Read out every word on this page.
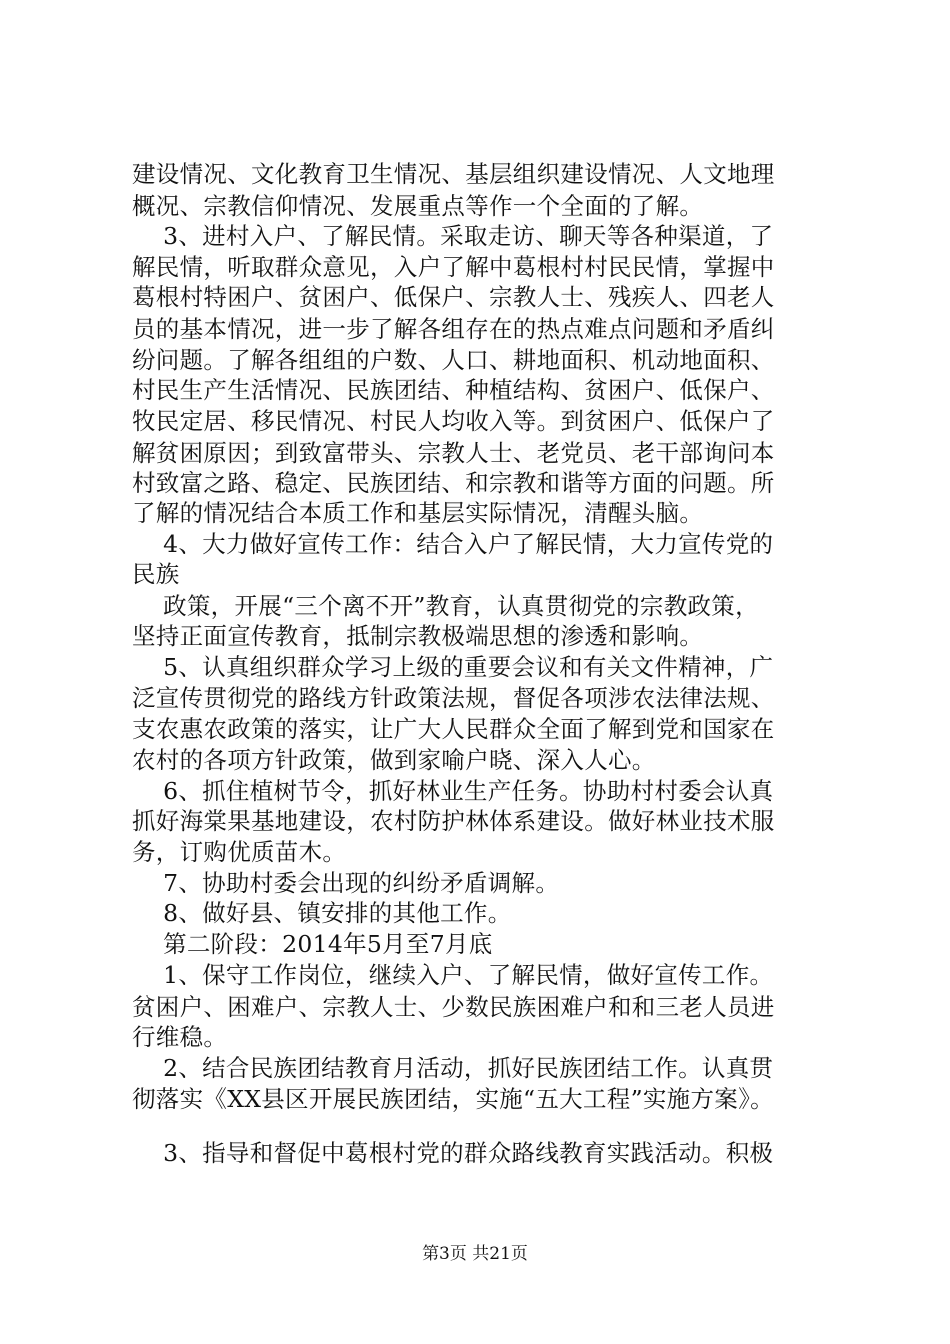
建设情况、文化教育卫生情况、基层组织建设情况、人文地理
概况、宗教信仰情况、发展重点等作一个全面的了解。
3、进村入户、了解民情。采取走访、聊天等各种渠道，了
解民情，听取群众意见，入户了解中葛根村村民民情，掌握中
葛根村特困户、贫困户、低保户、宗教人士、残疾人、四老人
员的基本情况，进一步了解各组存在的热点难点问题和矛盾纠
纷问题。了解各组组的户数、人口、耕地面积、机动地面积、
村民生产生活情况、民族团结、种植结构、贫困户、低保户、
牧民定居、移民情况、村民人均收入等。到贫困户、低保户了
解贫困原因；到致富带头、宗教人士、老党员、老干部询问本
村致富之路、稳定、民族团结、和宗教和谐等方面的问题。所
了解的情况结合本质工作和基层实际情况，清醒头脑。
4、大力做好宣传工作：结合入户了解民情，大力宣传党的
民族
政策，开展“三个离不开”教育，认真贯彻党的宗教政策，
坚持正面宣传教育，抵制宗教极端思想的渗透和影响。
5、认真组织群众学习上级的重要会议和有关文件精神，广
泛宣传贯彻党的路线方针政策法规，督促各项涉农法律法规、
支农惠农政策的落实，让广大人民群众全面了解到党和国家在
农村的各项方针政策，做到家喻户晓、深入人心。
6、抓住植树节令，抓好林业生产任务。协助村村委会认真
抓好海棠果基地建设，农村防护林体系建设。做好林业技术服
务，订购优质苗木。
7、协助村委会出现的纠纷矛盾调解。
8、做好县、镇安排的其他工作。
第二阶段：2014年5月至7月底
1、保守工作岗位，继续入户、了解民情，做好宣传工作。
贫困户、困难户、宗教人士、少数民族困难户和和三老人员进
行维稳。
2、结合民族团结教育月活动，抓好民族团结工作。认真贯
彻落实《XX县区开展民族团结，实施“五大工程”实施方案》。
3、指导和督促中葛根村党的群众路线教育实践活动。积极
第3页 共21页
